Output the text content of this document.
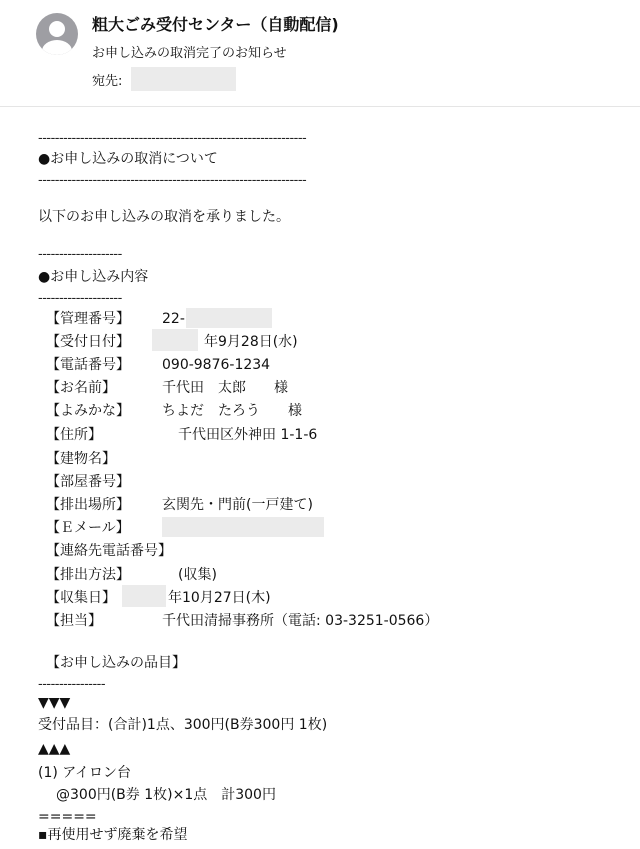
粗大ごみ受付センター（自動配信)
お申し込みの取消完了のお知らせ
宛先:
----------------------------------------------------------------
●お申し込みの取消について
----------------------------------------------------------------
以下のお申し込みの取消を承りました。
--------------------
●お申し込み内容
--------------------
【管理番号】 22-
【受付日付】	年9月28日(水)
【電話番号】 090-9876-1234
【お名前】	千代田　太郎　　様
【よみかな】 ちよだ　たろう　　様
【住所】	千代田区外神田 1-1-6
【建物名】
【部屋番号】
【排出場所】 玄関先・門前(一戸建て)
【Ｅメール】
【連絡先電話番号】
【排出方法】	(収集)
【収集日】	年10月27日(木)
【担当】	千代田清掃事務所（電話: 03-3251-0566）
【お申し込みの品目】
----------------
▼▼▼
受付品目：(合計)1点、300円(B券300円 1枚)
▲▲▲
(1) アイロン台
@300円(B券 1枚)×1点　計300円
=====
▪再使用せず廃棄を希望
